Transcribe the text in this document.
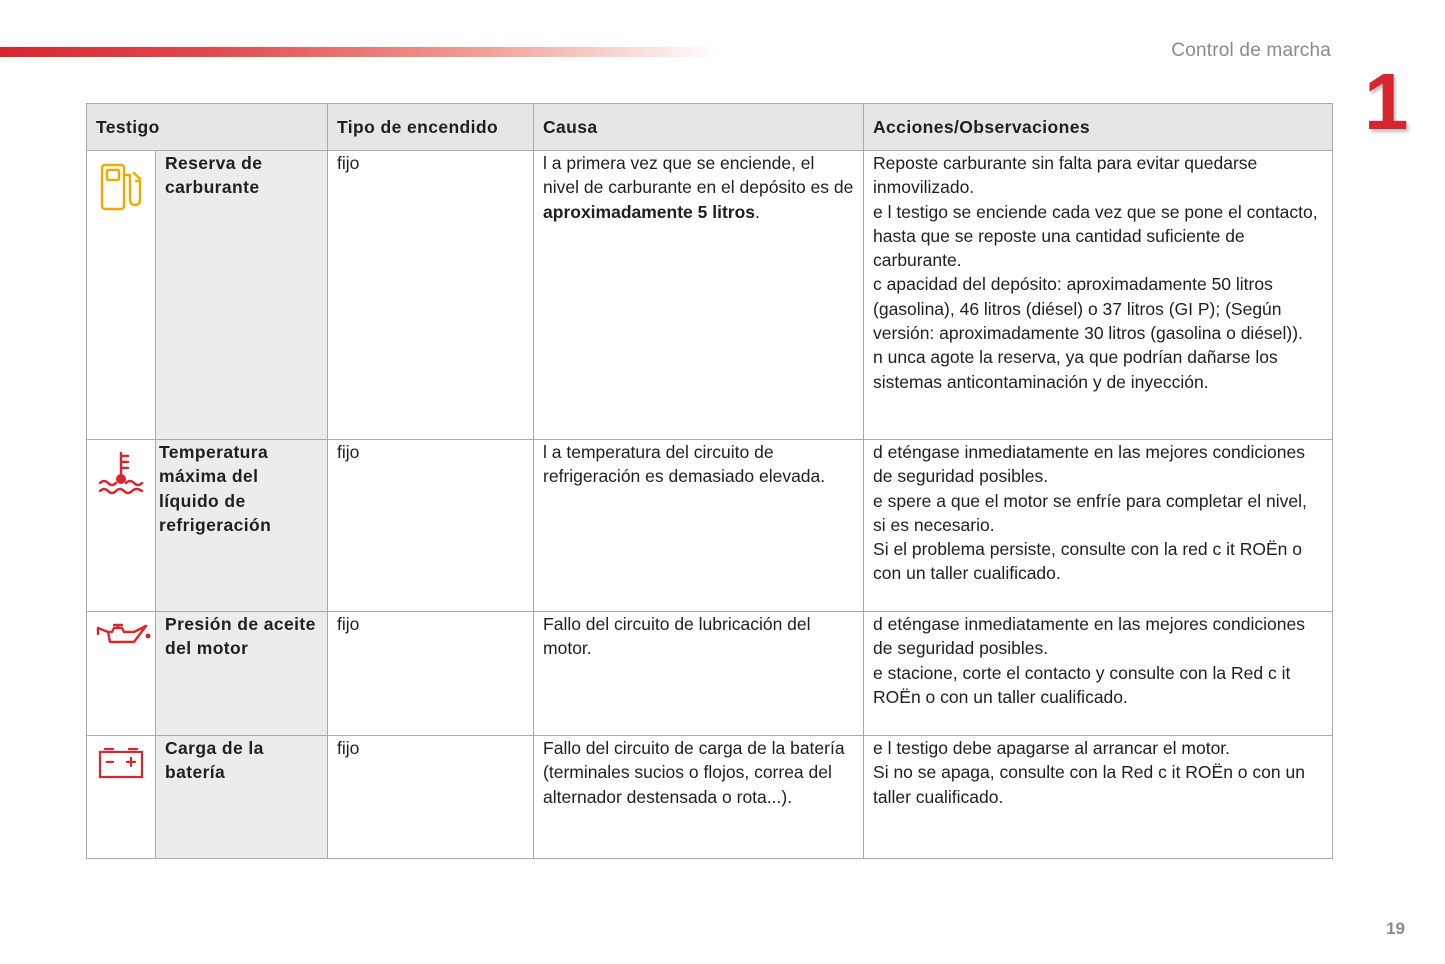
Control de marcha
1
Testigo		Tipo de encendido	Causa	Acciones/Observaciones

	Reserva de carburante	fijo	l a primera vez que se enciende, el nivel de carburante en el depósito es de aproximadamente 5 litros.	Reposte carburante sin falta para evitar quedarse inmovilizado.

e l testigo se enciende cada vez que se pone el contacto, hasta que se reposte una cantidad suficiente de carburante.

c apacidad del depósito: aproximadamente 50 litros (gasolina), 46 litros (diésel) o 37 litros (GI P); (Según versión: aproximadamente 30 litros (gasolina o diésel)).

n unca agote la reserva, ya que podrían dañarse los sistemas anticontaminación y de inyección.

	Temperatura máxima del líquido de refrigeración	fijo	l a temperatura del circuito de refrigeración es demasiado elevada.	d eténgase inmediatamente en las mejores condiciones de seguridad posibles.

e spere a que el motor se enfríe para completar el nivel, si es necesario.

Si el problema persiste, consulte con la red c it ROËn o con un taller cualificado.

	Presión de aceite del motor	fijo	Fallo del circuito de lubricación del motor.	d eténgase inmediatamente en las mejores condiciones de seguridad posibles.

e stacione, corte el contacto y consulte con la Red c it ROËn o con un taller cualificado.

	Carga de la batería	fijo	Fallo del circuito de carga de la batería (terminales sucios o flojos, correa del alternador destensada o rota...).	e l testigo debe apagarse al arrancar el motor.

Si no se apaga, consulte con la Red c it ROËn o con un taller cualificado.

19
